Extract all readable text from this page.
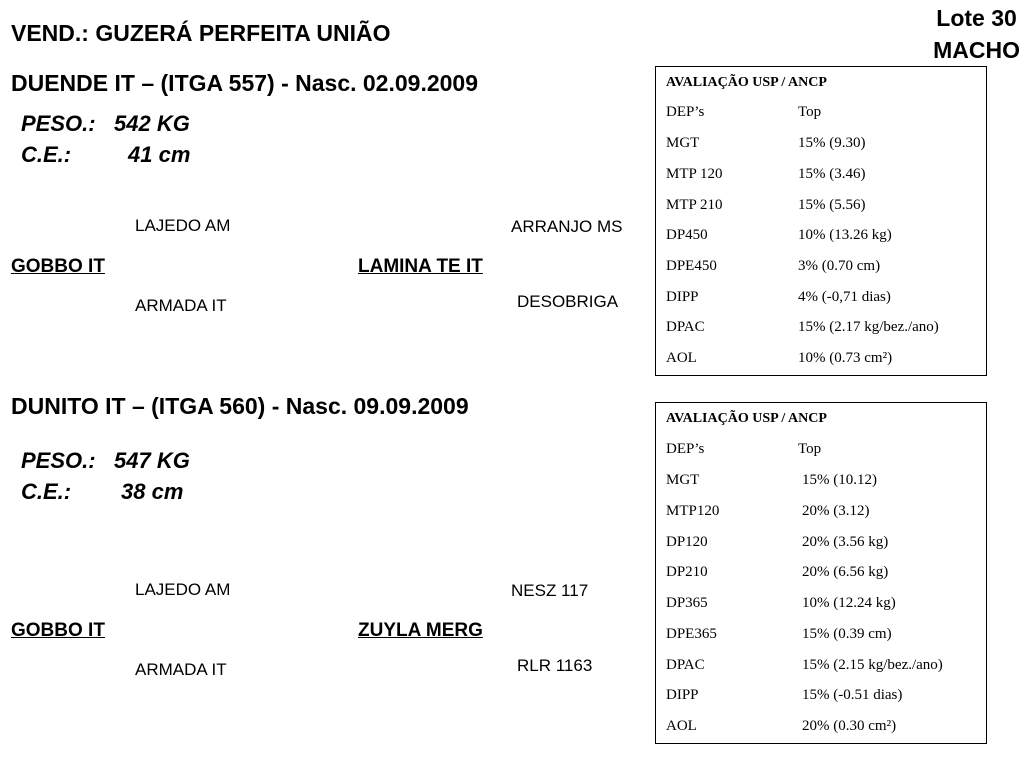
Lote 30
MACHO
VEND.: GUZERÁ PERFEITA UNIÃO
DUENDE IT – (ITGA 557) - Nasc. 02.09.2009
PESO.: 542 KG
C.E.:	41 cm
LAJEDO AM
GOBBO IT
ARMADA IT
ARRANJO MS
LAMINA TE IT
DESOBRIGA
AVALIAÇÃO USP / ANCP
DEP’s	Top
MGT	15% (9.30)
MTP 120	15% (3.46)
MTP 210	15% (5.56)
DP450	10% (13.26 kg)
DPE450	3% (0.70 cm)
DIPP	4% (-0,71 dias)
DPAC	15% (2.17 kg/bez./ano)
AOL	10% (0.73 cm²)
DUNITO IT – (ITGA 560) - Nasc. 09.09.2009
PESO.: 547 KG
C.E.: 38 cm
LAJEDO AM
GOBBO IT
ARMADA IT
NESZ 117
ZUYLA MERG
RLR 1163
AVALIAÇÃO USP / ANCP
DEP’s	Top
MGT	15% (10.12)
MTP120	20% (3.12)
DP120	20% (3.56 kg)
DP210	20% (6.56 kg)
DP365	10% (12.24 kg)
DPE365	15% (0.39 cm)
DPAC	15% (2.15 kg/bez./ano)
DIPP	15% (-0.51 dias)
AOL	20% (0.30 cm²)
